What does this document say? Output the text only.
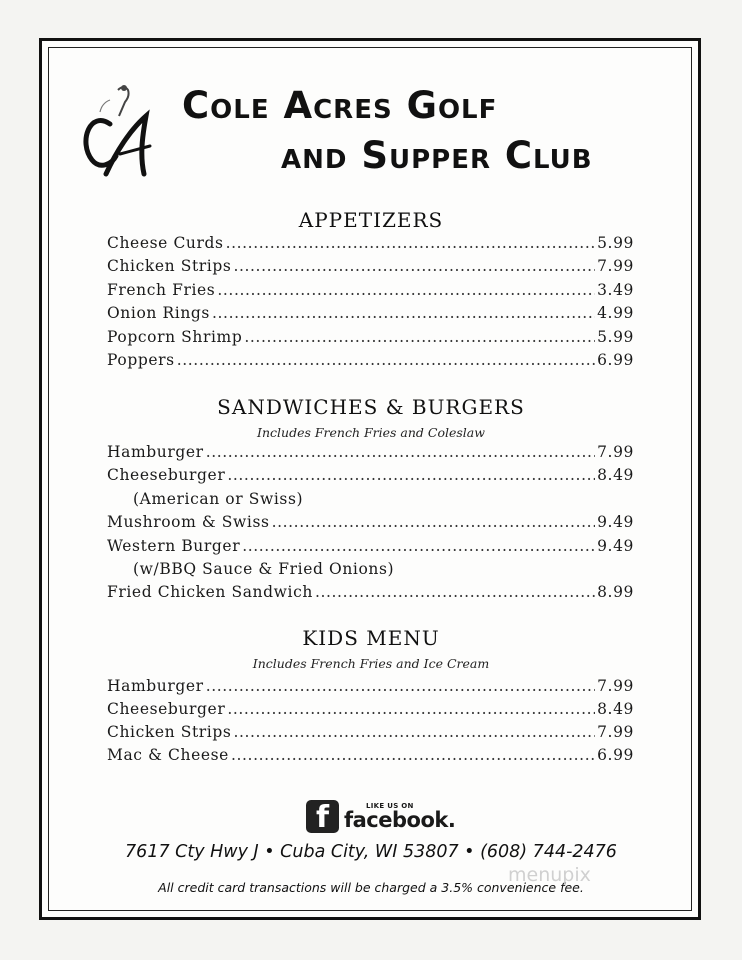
CA
Cole Acres Golf
and Supper Club
APPETIZERS
Cheese Curds .....	5.99
Chicken Strips .....	7.99
French Fries .....	3.49
Onion Rings .....	4.99
Popcorn Shrimp .....	5.99
Poppers .....	6.99
SANDWICHES & BURGERS
Includes French Fries and Coleslaw
Hamburger .....	7.99
Cheeseburger .....	8.49
(American or Swiss)
Mushroom & Swiss .....	9.49
Western Burger .....	9.49
(w/BBQ Sauce & Fried Onions)
Fried Chicken Sandwich .....	8.99
KIDS MENU
Includes French Fries and Ice Cream
Hamburger .....	7.99
Cheeseburger .....	8.49
Chicken Strips .....	7.99
Mac & Cheese .....	6.99
f	LIKE US ON
facebook.
7617 Cty Hwy J • Cuba City, WI 53807 • (608) 744-2476
All credit card transactions will be charged a 3.5% convenience fee.
menupix
